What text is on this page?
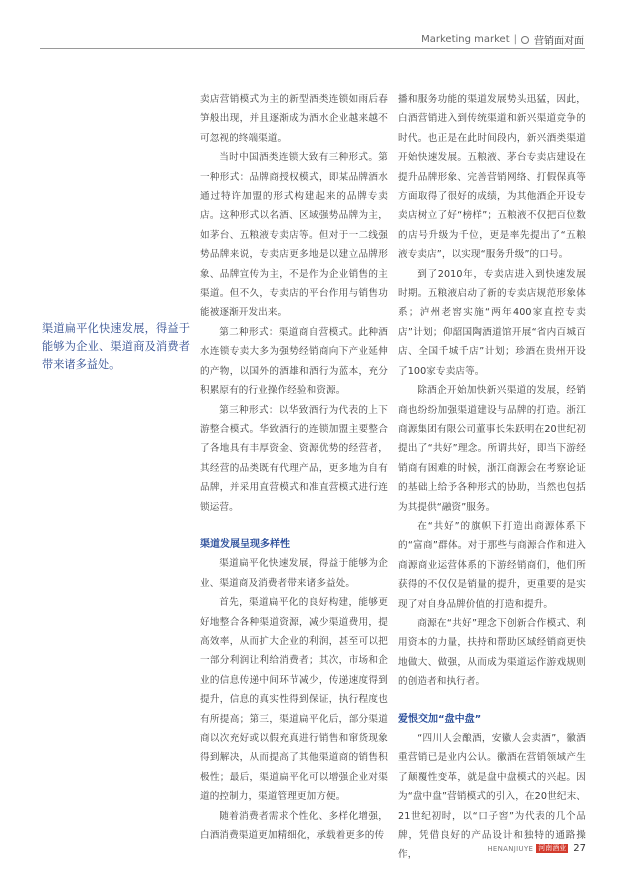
Marketing market | 营销面对面
渠道扁平化快速发展，得益于能够为企业、渠道商及消费者带来诸多益处。

卖店营销模式为主的新型酒类连锁如雨后春笋般出现，并且逐渐成为酒水企业越来越不可忽视的终端渠道。

当时中国酒类连锁大致有三种形式。第一种形式：品牌商授权模式，即某品牌酒水通过特许加盟的形式构建起来的品牌专卖店。这种形式以名酒、区域强势品牌为主，如茅台、五粮液专卖店等。但对于一二线强势品牌来说，专卖店更多地是以建立品牌形象、品牌宣传为主，不是作为企业销售的主渠道。但不久，专卖店的平台作用与销售功能被逐渐开发出来。

第二种形式：渠道商自营模式。此种酒水连锁专卖大多为强势经销商向下产业延伸的产物，以国外的酒雄和酒行为蓝本，充分积累原有的行业操作经验和资源。

第三种形式：以华致酒行为代表的上下游整合模式。华致酒行的连锁加盟主要整合了各地具有丰厚资金、资源优势的经营者，其经营的品类既有代理产品，更多地为自有品牌，并采用直营模式和准直营模式进行连锁运营。

渠道发展呈现多样性

渠道扁平化快速发展，得益于能够为企业、渠道商及消费者带来诸多益处。

首先，渠道扁平化的良好构建，能够更好地整合各种渠道资源，减少渠道费用，提高效率，从而扩大企业的利润，甚至可以把一部分利润让利给消费者；其次，市场和企业的信息传递中间环节减少，传递速度得到提升，信息的真实性得到保证，执行程度也有所提高；第三，渠道扁平化后，部分渠道商以次充好或以假充真进行销售和窜货现象得到解决，从而提高了其他渠道商的销售积极性；最后，渠道扁平化可以增强企业对渠道的控制力，渠道管理更加方便。

随着消费者需求个性化、多样化增强，白酒消费渠道更加精细化，承载着更多的传

播和服务功能的渠道发展势头迅猛，因此，白酒营销进入到传统渠道和新兴渠道竞争的时代。也正是在此时间段内，新兴酒类渠道开始快速发展。五粮液、茅台专卖店建设在提升品牌形象、完善营销网络、打假保真等方面取得了很好的成绩，为其他酒企开设专卖店树立了好“榜样”；五粮液不仅把百位数的店号升级为千位，更是率先提出了“五粮液专卖店”，以实现“服务升级”的口号。

到了2010年，专卖店进入到快速发展时期。五粮液启动了新的专卖店规范形象体系；泸州老窖实施“两年400家直控专卖店”计划；仰韶国陶酒道馆开展“省内百城百店、全国千城千店”计划；珍酒在贵州开设了100家专卖店等。

除酒企开始加快新兴渠道的发展，经销商也纷纷加强渠道建设与品牌的打造。浙江商源集团有限公司董事长朱跃明在20世纪初提出了“共好”理念。所谓共好，即当下游经销商有困难的时候，浙江商源会在考察论证的基础上给予各种形式的协助，当然也包括为其提供“融资”服务。

在“共好”的旗帜下打造出商源体系下的“富商”群体。对于那些与商源合作和进入商源商业运营体系的下游经销商们，他们所获得的不仅仅是销量的提升，更重要的是实现了对自身品牌价值的打造和提升。

商源在“共好”理念下创新合作模式、利用资本的力量，扶持和帮助区域经销商更快地做大、做强，从而成为渠道运作游戏规则的创造者和执行者。

爱恨交加“盘中盘”

“四川人会酿酒，安徽人会卖酒”，徽酒重营销已是业内公认。徽酒在营销领域产生了颠覆性变革，就是盘中盘模式的兴起。因为“盘中盘”营销模式的引入，在20世纪末、21世纪初时，以“口子窖”为代表的几个品牌，凭借良好的产品设计和独特的通路操作，

HENANJIUYE 河南酒业 27
